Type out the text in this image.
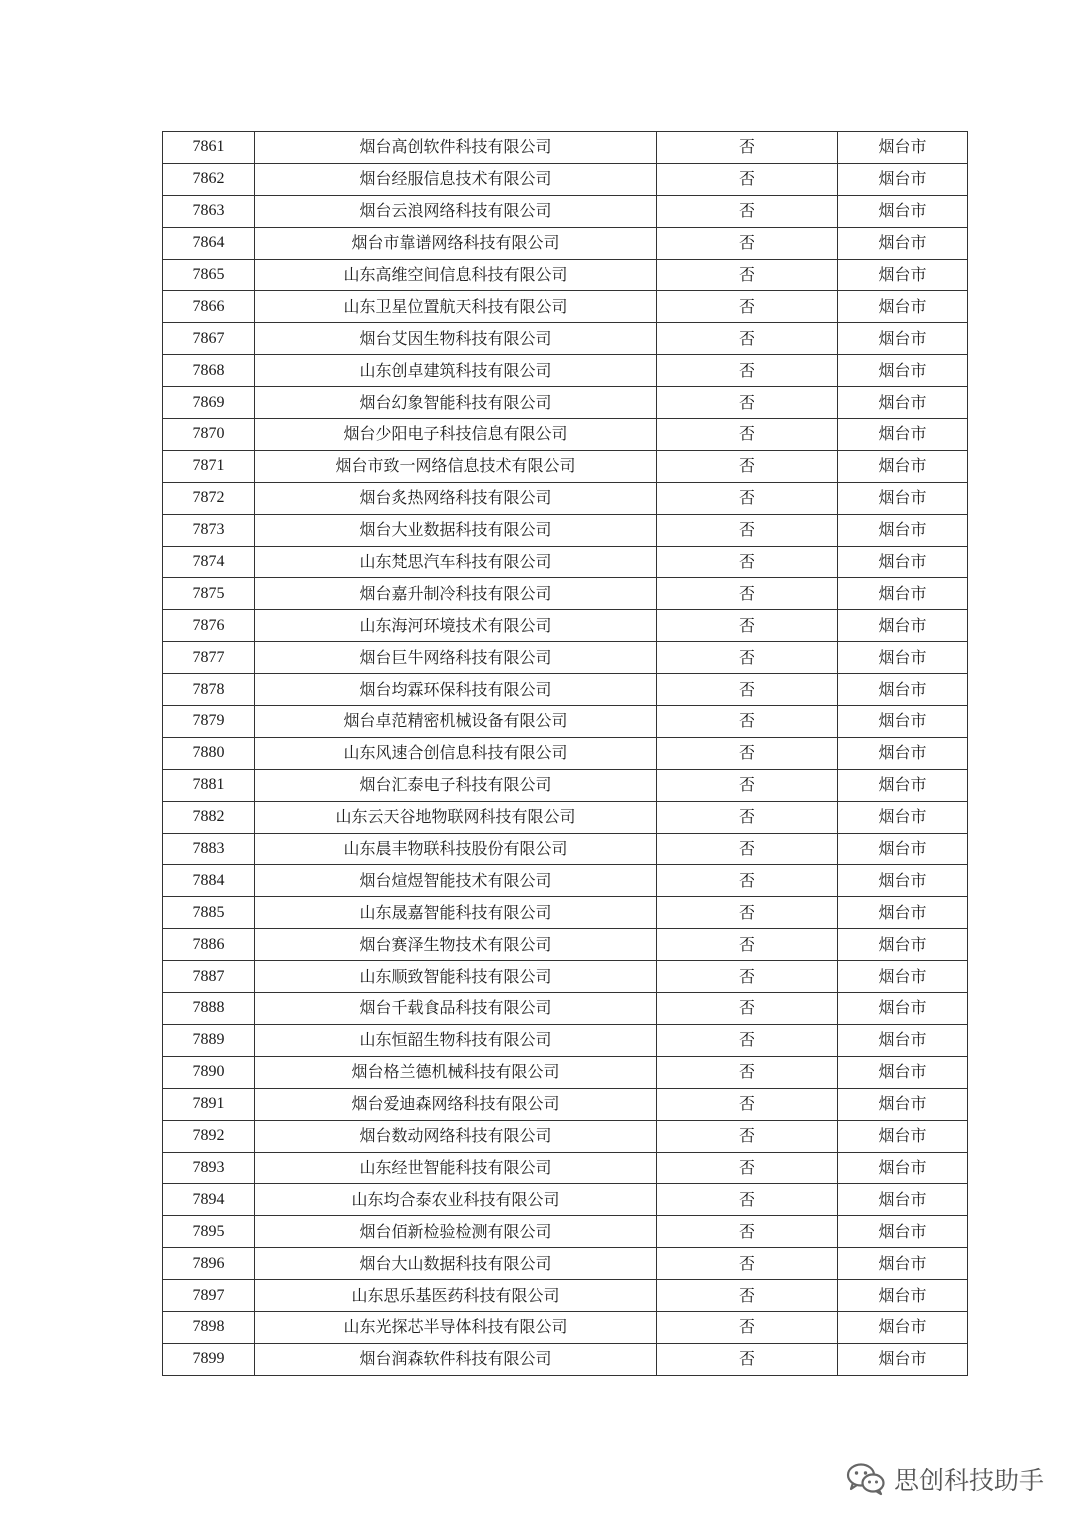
7861	烟台高创软件科技有限公司	否	烟台市
7862	烟台经服信息技术有限公司	否	烟台市
7863	烟台云浪网络科技有限公司	否	烟台市
7864	烟台市靠谱网络科技有限公司	否	烟台市
7865	山东高维空间信息科技有限公司	否	烟台市
7866	山东卫星位置航天科技有限公司	否	烟台市
7867	烟台艾因生物科技有限公司	否	烟台市
7868	山东创卓建筑科技有限公司	否	烟台市
7869	烟台幻象智能科技有限公司	否	烟台市
7870	烟台少阳电子科技信息有限公司	否	烟台市
7871	烟台市致一网络信息技术有限公司	否	烟台市
7872	烟台炙热网络科技有限公司	否	烟台市
7873	烟台大业数据科技有限公司	否	烟台市
7874	山东梵思汽车科技有限公司	否	烟台市
7875	烟台嘉升制冷科技有限公司	否	烟台市
7876	山东海河环境技术有限公司	否	烟台市
7877	烟台巨牛网络科技有限公司	否	烟台市
7878	烟台均霖环保科技有限公司	否	烟台市
7879	烟台卓范精密机械设备有限公司	否	烟台市
7880	山东风速合创信息科技有限公司	否	烟台市
7881	烟台汇泰电子科技有限公司	否	烟台市
7882	山东云天谷地物联网科技有限公司	否	烟台市
7883	山东晨丰物联科技股份有限公司	否	烟台市
7884	烟台煊煜智能技术有限公司	否	烟台市
7885	山东晟嘉智能科技有限公司	否	烟台市
7886	烟台赛泽生物技术有限公司	否	烟台市
7887	山东顺致智能科技有限公司	否	烟台市
7888	烟台千载食品科技有限公司	否	烟台市
7889	山东恒韶生物科技有限公司	否	烟台市
7890	烟台格兰德机械科技有限公司	否	烟台市
7891	烟台爱迪森网络科技有限公司	否	烟台市
7892	烟台数动网络科技有限公司	否	烟台市
7893	山东经世智能科技有限公司	否	烟台市
7894	山东均合泰农业科技有限公司	否	烟台市
7895	烟台佰新检验检测有限公司	否	烟台市
7896	烟台大山数据科技有限公司	否	烟台市
7897	山东思乐基医药科技有限公司	否	烟台市
7898	山东光探芯半导体科技有限公司	否	烟台市
7899	烟台润森软件科技有限公司	否	烟台市
思创科技助手
